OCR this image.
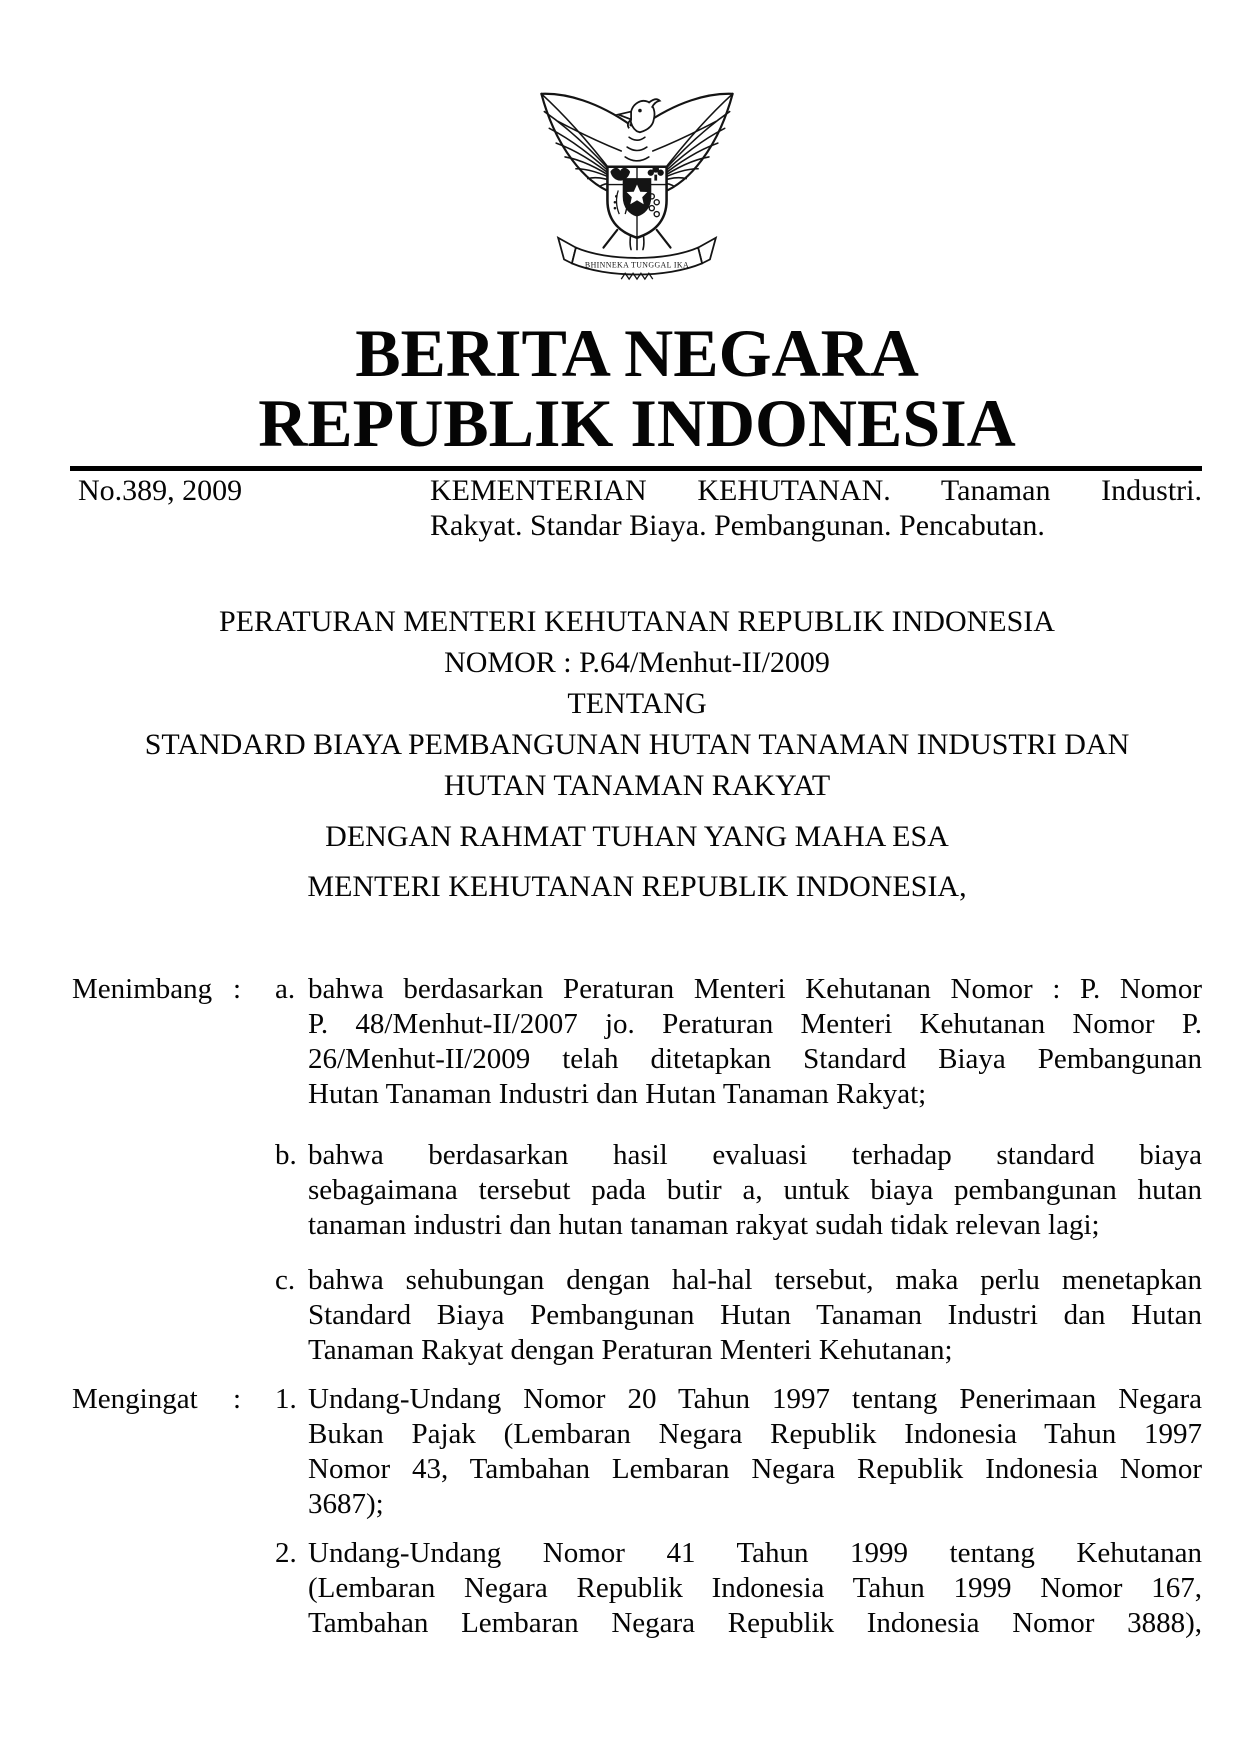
BHINNEKA TUNGGAL IKA
BERITA NEGARA
REPUBLIK INDONESIA
No.389, 2009	KEMENTERIAN KEHUTANAN. Tanaman Industri.
Rakyat. Standar Biaya. Pembangunan. Pencabutan.
PERATURAN MENTERI KEHUTANAN REPUBLIK INDONESIA
NOMOR : P.64/Menhut-II/2009
TENTANG
STANDARD BIAYA PEMBANGUNAN HUTAN TANAMAN INDUSTRI DAN
HUTAN TANAMAN RAKYAT
DENGAN RAHMAT TUHAN YANG MAHA ESA
MENTERI KEHUTANAN REPUBLIK INDONESIA,
Menimbang :	a. bahwa berdasarkan Peraturan Menteri Kehutanan Nomor : P. Nomor
P. 48/Menhut-II/2007 jo. Peraturan Menteri Kehutanan Nomor P.
26/Menhut-II/2009 telah ditetapkan Standard Biaya Pembangunan
Hutan Tanaman Industri dan Hutan Tanaman Rakyat;
b. bahwa berdasarkan hasil evaluasi terhadap standard biaya
sebagaimana tersebut pada butir a, untuk biaya pembangunan hutan
tanaman industri dan hutan tanaman rakyat sudah tidak relevan lagi;
c. bahwa sehubungan dengan hal-hal tersebut, maka perlu menetapkan
Standard Biaya Pembangunan Hutan Tanaman Industri dan Hutan
Tanaman Rakyat dengan Peraturan Menteri Kehutanan;
Mengingat	:	1. Undang-Undang Nomor 20 Tahun 1997 tentang Penerimaan Negara
Bukan Pajak (Lembaran Negara Republik Indonesia Tahun 1997
Nomor 43, Tambahan Lembaran Negara Republik Indonesia Nomor
3687);
2. Undang-Undang Nomor 41 Tahun 1999 tentang Kehutanan
(Lembaran Negara Republik Indonesia Tahun 1999 Nomor 167,
Tambahan Lembaran Negara Republik Indonesia Nomor 3888),
